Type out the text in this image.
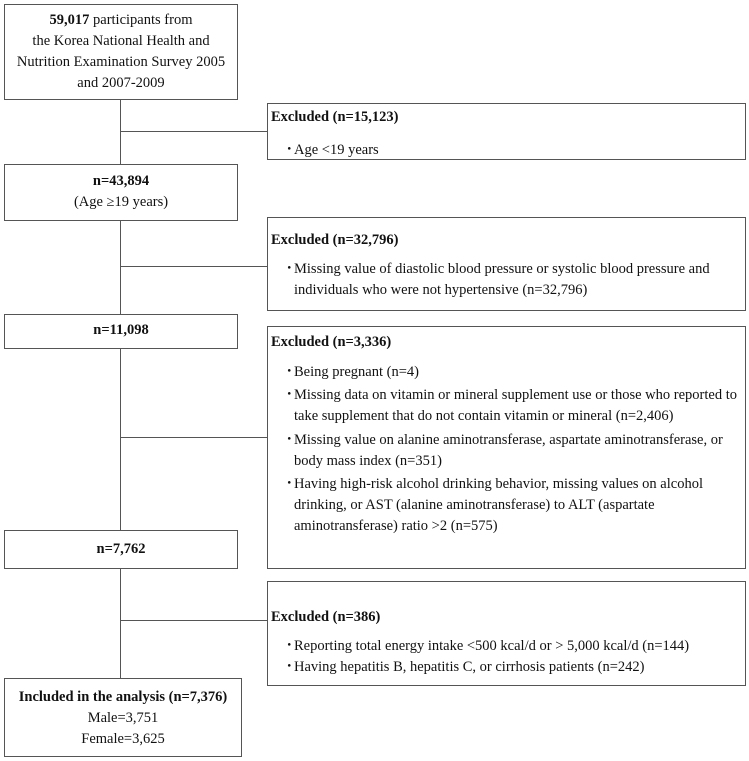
59,017 participants from
the Korea National Health and
Nutrition Examination Survey 2005
and 2007-2009
Excluded (n=15,123)
・ Age <19 years
n=43,894
(Age ≥19 years)
Excluded (n=32,796)
・ Missing value of diastolic blood pressure or systolic blood pressure and individuals who were not hypertensive (n=32,796)
n=11,098
Excluded (n=3,336)
・ Being pregnant (n=4)
・ Missing data on vitamin or mineral supplement use or those who reported to take supplement that do not contain vitamin or mineral (n=2,406)
・ Missing value on alanine aminotransferase, aspartate aminotransferase, or body mass index (n=351)
・ Having high-risk alcohol drinking behavior, missing values on alcohol drinking, or AST (alanine aminotransferase) to ALT (aspartate aminotransferase) ratio >2 (n=575)
n=7,762
Excluded (n=386)
・ Reporting total energy intake <500 kcal/d or > 5,000 kcal/d (n=144)
・ Having hepatitis B, hepatitis C, or cirrhosis patients (n=242)
Included in the analysis (n=7,376)
Male=3,751
Female=3,625
